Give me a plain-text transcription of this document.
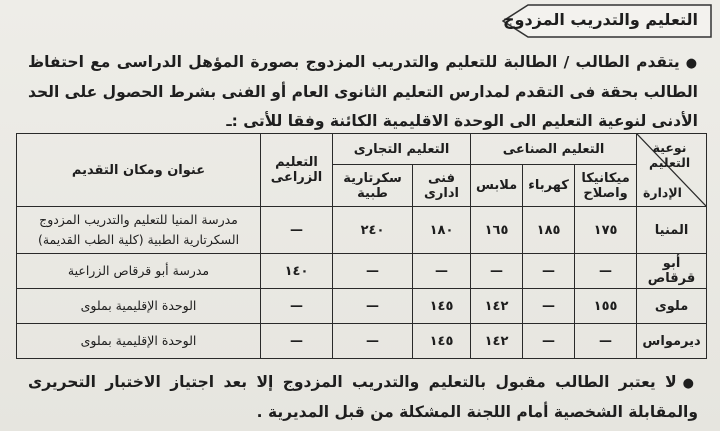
التعليم والتدريب المزدوج
●يتقدم الطالب / الطالبة للتعليم والتدريب المزدوج بصورة المؤهل الدراسى مع احتفاظ الطالب بحقة فى التقدم لمدارس التعليم الثانوى العام أو الفنى بشرط الحصول على الحد الأدنى لنوعية التعليم الى الوحدة الاقليمية الكائنة وفقا للأتى :ـ
نوعية التعليم
الإدارة	التعليم الصناعى			التعليم التجارى		التعليم الزراعى	عنوان ومكان التقديم
	ميكانيكا واصلاح	كهرباء	ملابس	فنى ادارى	سكرتارية طبية		
المنيا	١٧٥	١٨٥	١٦٥	١٨٠	٢٤٠	—	مدرسة المنيا للتعليم والتدريب المزدوج السكرتارية الطبية (كلية الطب القديمة)
أبو قرقاص	—	—	—	—	—	١٤٠	مدرسة أبو قرقاص الزراعية
ملوى	١٥٥	—	١٤٢	١٤٥	—	—	الوحدة الإقليمية بملوى
ديرمواس	—	—	١٤٢	١٤٥	—	—	الوحدة الإقليمية بملوى
●لا يعتبر الطالب مقبول بالتعليم والتدريب المزدوج إلا بعد اجتياز الاختبار التحريرى والمقابلة الشخصية أمام اللجنة المشكلة من قبل المديرية .
